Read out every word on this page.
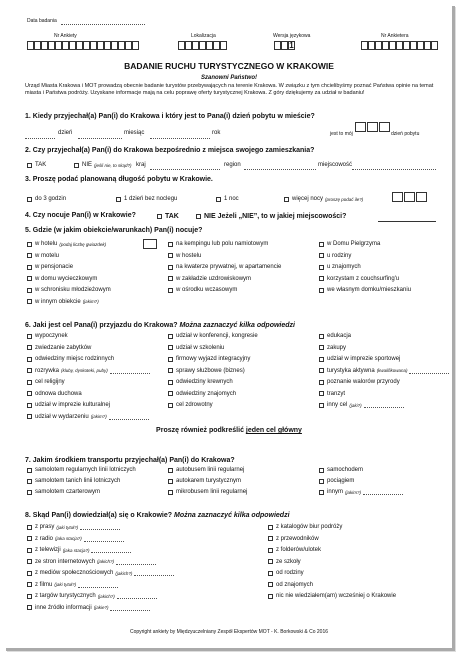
Data badania
Nr Ankiety	Lokalizacja	Wersja językowa
1
Nr Ankietera
BADANIE RUCHU TURYSTYCZNEGO W KRAKOWIE
Szanowni Państwo!
Urząd Miasta Krakowa i MOT prowadzą obecnie badanie turystów przebywających na terenie Krakowa. W związku z tym chcielibyśmy poznać Państwa opinie na temat miasta i Państwa podróży. Uzyskane informacje mają na celu poprawę oferty turystycznej Krakowa. Z góry dziękujemy za udział w badaniu!
1. Kiedy przyjechał(a) Pan(i) do Krakowa i który jest to Pana(i) dzień pobytu w mieście?
dzień	miesiąc	rok	jest to mój	dzień pobytu
2. Czy przyjechał(a) Pan(i) do Krakowa bezpośrednio z miejsca swojego zamieszkania?
TAK	NIE (jeśli nie, to skąd?) kraj	region	miejscowość
3. Proszę podać planowaną długość pobytu w Krakowie.
do 3 godzin	1 dzień bez noclegu	1 noc	więcej nocy (proszę podać ile?)
4. Czy nocuje Pan(i) w Krakowie?	TAK	NIE Jeżeli „NIE”, to w jakiej miejscowości?
5. Gdzie (w jakim obiekcie/warunkach) Pan(i) nocuje?
w hotelu (podaj liczbę gwiazdek)
w motelu
w pensjonacie
w domu wycieczkowym
w schronisku młodzieżowym
w innym obiekcie (jakim?)
na kempingu lub polu namiotowym
w hostelu
na kwaterze prywatnej, w apartamencie
w zakładzie uzdrowiskowym
w ośrodku wczasowym
w Domu Pielgrzyma
u rodziny
u znajomych
korzystam z couchsurfing'u
we własnym domku/mieszkaniu
6. Jaki jest cel Pana(i) przyjazdu do Krakowa? Można zaznaczyć kilka odpowiedzi
wypoczynek
zwiedzanie zabytków
odwiedziny miejsc rodzinnych
rozrywka (kluby, dyskoteki, puby)
cel religijny
odnowa duchowa
udział w imprezie kulturalnej
udział w wydarzeniu (jakim?)
udział w konferencji, kongresie
udział w szkoleniu
firmowy wyjazd integracyjny
sprawy służbowe (biznes)
odwiedziny krewnych
odwiedziny znajomych
cel zdrowotny
edukacja
zakupy
udział w imprezie sportowej
turystyka aktywna (kwalifikowana)
poznanie walorów przyrody
tranzyt
inny cel (jaki?)
Proszę również podkreślić jeden cel główny
7. Jakim środkiem transportu przyjechał(a) Pan(i) do Krakowa?
samolotem regularnych linii lotniczych
samolotem tanich linii lotniczych
samolotem czarterowym
autobusem linii regularnej
autokarem turystycznym
mikrobusem linii regularnej
samochodem
pociągiem
innym (jakim?)
8. Skąd Pan(i) dowiedział(a) się o Krakowie? Można zaznaczyć kilka odpowiedzi
z prasy (jaki tytuł?)
z radio (jaka stacja?)
z telewizji (jaka stacja?)
ze stron internetowych (jakich?)
z mediów społecznościowych (jakich?)
z filmu (jaki tytuł?)
z targów turystycznych (jakich?)
inne źródło informacji (jakie?)
z katalogów biur podróży
z przewodników
z folderów/ulotek
ze szkoły
od rodziny
od znajomych
nic nie wiedziałem(am) wcześniej o Krakowie
Copyright ankiety by Międzyuczelniany Zespół Ekspertów MOT - K. Borkowski & Co 2016
